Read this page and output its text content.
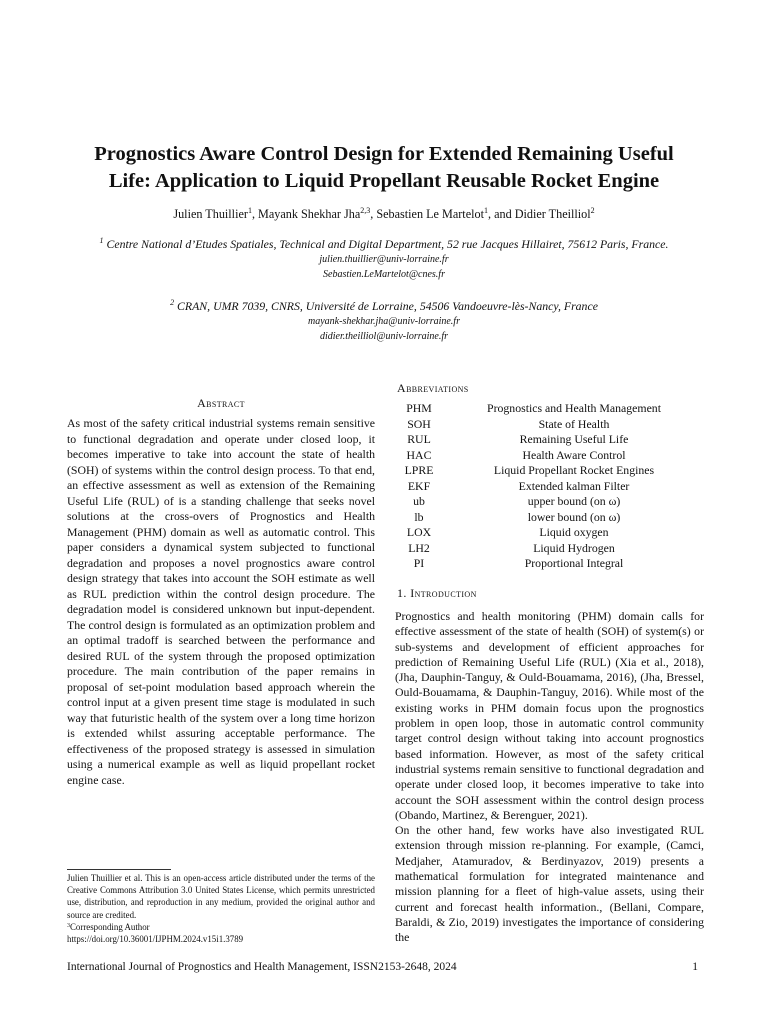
Prognostics Aware Control Design for Extended Remaining Useful
Life: Application to Liquid Propellant Reusable Rocket Engine
Julien Thuillier$^1$, Mayank Shekhar Jha$^{2,3}$, Sebastien Le Martelot$^1$, and Didier Theilliol$^2$
$^1$ Centre National d’Etudes Spatiales, Technical and Digital Department, 52 rue Jacques Hillairet, 75612 Paris, France.
julien.thuillier@univ-lorraine.fr
Sebastien.LeMartelot@cnes.fr
$^2$ CRAN, UMR 7039, CNRS, Université de Lorraine, 54506 Vandoeuvre-lès-Nancy, France
mayank-shekhar.jha@univ-lorraine.fr
didier.theilliol@univ-lorraine.fr
Abstract

As most of the safety critical industrial systems remain sensitive to functional degradation and operate under closed loop, it becomes imperative to take into account the state of health (SOH) of systems within the control design process. To that end, an effective assessment as well as extension of the Remaining Useful Life (RUL) of is a standing challenge that seeks novel solutions at the cross-overs of Prognostics and Health Management (PHM) domain as well as automatic control. This paper considers a dynamical system subjected to functional degradation and proposes a novel prognostics aware control design strategy that takes into account the SOH estimate as well as RUL prediction within the control design procedure. The degradation model is considered unknown but input-dependent. The control design is formulated as an optimization problem and an optimal tradoff is searched between the performance and desired RUL of the system through the proposed optimization procedure. The main contribution of the paper remains in proposal of set-point modulation based approach wherein the control input at a given present time stage is modulated in such way that futuristic health of the system over a long time horizon is extended whilst assuring acceptable performance. The effectiveness of the proposed strategy is assessed in simulation using a numerical example as well as liquid propellant rocket engine case.

Abbreviations
PHM	Prognostics and Health Management
SOH	State of Health
RUL	Remaining Useful Life
HAC	Health Aware Control
LPRE	Liquid Propellant Rocket Engines
EKF	Extended kalman Filter
ub	upper bound (on ω)
lb	lower bound (on ω)
LOX	Liquid oxygen
LH2	Liquid Hydrogen
PI	Proportional Integral
1. Introduction
Prognostics and health monitoring (PHM) domain calls for effective assessment of the state of health (SOH) of system(s) or sub-systems and development of efficient approaches for prediction of Remaining Useful Life (RUL) (Xia et al., 2018), (Jha, Dauphin-Tanguy, & Ould-Bouamama, 2016), (Jha, Bressel, Ould-Bouamama, & Dauphin-Tanguy, 2016). While most of the existing works in PHM domain focus upon the prognostics problem in open loop, those in automatic control community target control design without taking into account prognostics based information. However, as most of the safety critical industrial systems remain sensitive to functional degradation and operate under closed loop, it becomes imperative to take into account the SOH assessment within the control design process (Obando, Martinez, & Berenguer, 2021).
On the other hand, few works have also investigated RUL extension through mission re-planning. For example, (Camci, Medjaher, Atamuradov, & Berdinyazov, 2019) presents a mathematical formulation for integrated maintenance and mission planning for a fleet of high-value assets, using their current and forecast health information., (Bellani, Compare, Baraldi, & Zio, 2019) investigates the importance of considering the
Julien Thuillier et al. This is an open-access article distributed under the terms of the Creative Commons Attribution 3.0 United States License, which permits unrestricted use, distribution, and reproduction in any medium, provided the original author and source are credited.
$^3$Corresponding Author
https://doi.org/10.36001/IJPHM.2024.v15i1.3789
International Journal of Prognostics and Health Management, ISSN2153-2648, 2024	1
